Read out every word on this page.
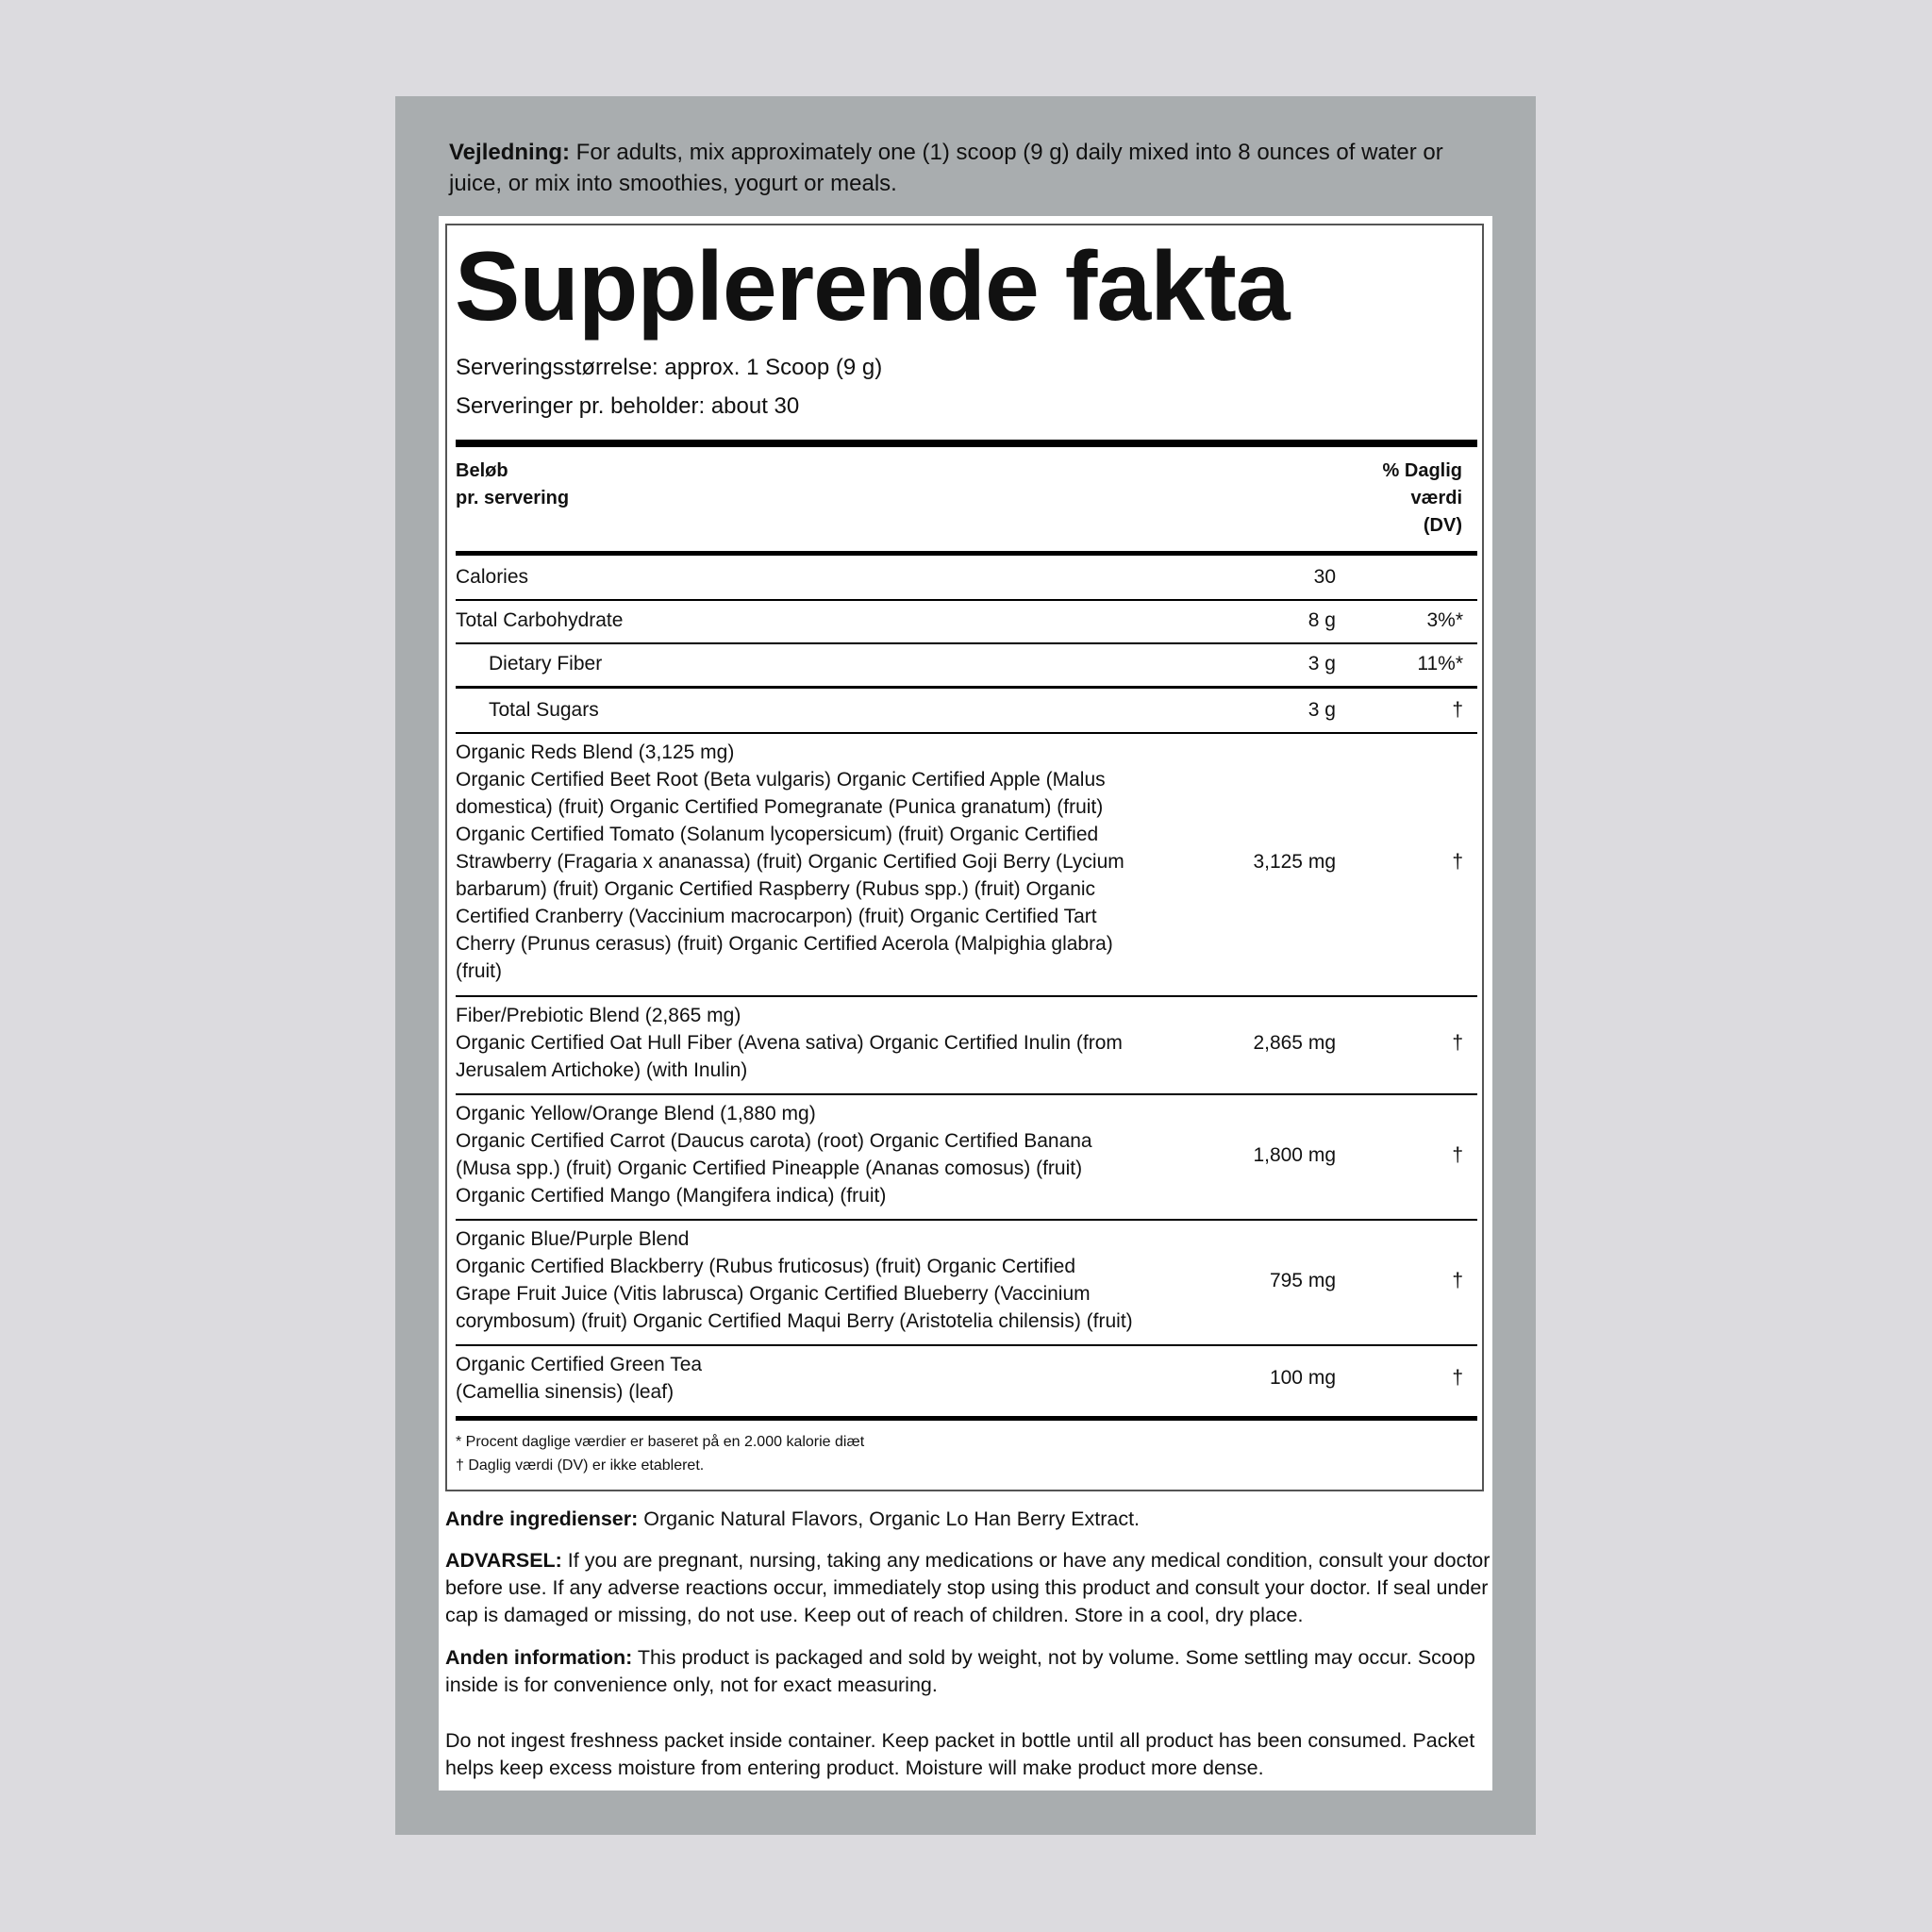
Vejledning: For adults, mix approximately one (1) scoop (9 g) daily mixed into 8 ounces of water or juice, or mix into smoothies, yogurt or meals.
Supplerende fakta
Serveringsstørrelse: approx. 1 Scoop (9 g)
Serveringer pr. beholder: about 30
Beløb
pr. servering
% Daglig
værdi
(DV)
Calories	30
Total Carbohydrate	8 g	3%*
Dietary Fiber	3 g	11%*
Total Sugars	3 g	†
Organic Reds Blend (3,125 mg)
Organic Certified Beet Root (Beta vulgaris) Organic Certified Apple (Malus domestica) (fruit) Organic Certified Pomegranate (Punica granatum) (fruit) Organic Certified Tomato (Solanum lycopersicum) (fruit) Organic Certified Strawberry (Fragaria x ananassa) (fruit) Organic Certified Goji Berry (Lycium barbarum) (fruit) Organic Certified Raspberry (Rubus spp.) (fruit) Organic Certified Cranberry (Vaccinium macrocarpon) (fruit) Organic Certified Tart Cherry (Prunus cerasus) (fruit) Organic Certified Acerola (Malpighia glabra) (fruit)
3,125 mg	†
Fiber/Prebiotic Blend (2,865 mg)
Organic Certified Oat Hull Fiber (Avena sativa) Organic Certified Inulin (from Jerusalem Artichoke) (with Inulin)
2,865 mg	†
Organic Yellow/Orange Blend (1,880 mg)
Organic Certified Carrot (Daucus carota) (root) Organic Certified Banana (Musa spp.) (fruit) Organic Certified Pineapple (Ananas comosus) (fruit) Organic Certified Mango (Mangifera indica) (fruit)
1,800 mg	†
Organic Blue/Purple Blend
Organic Certified Blackberry (Rubus fruticosus) (fruit) Organic Certified Grape Fruit Juice (Vitis labrusca) Organic Certified Blueberry (Vaccinium corymbosum) (fruit) Organic Certified Maqui Berry (Aristotelia chilensis) (fruit)
795 mg	†
Organic Certified Green Tea
(Camellia sinensis) (leaf)
100 mg	†
* Procent daglige værdier er baseret på en 2.000 kalorie diæt
† Daglig værdi (DV) er ikke etableret.
Andre ingredienser: Organic Natural Flavors, Organic Lo Han Berry Extract.
ADVARSEL: If you are pregnant, nursing, taking any medications or have any medical condition, consult your doctor before use. If any adverse reactions occur, immediately stop using this product and consult your doctor. If seal under cap is damaged or missing, do not use. Keep out of reach of children. Store in a cool, dry place.
Anden information: This product is packaged and sold by weight, not by volume. Some settling may occur. Scoop inside is for convenience only, not for exact measuring.
Do not ingest freshness packet inside container. Keep packet in bottle until all product has been consumed. Packet helps keep excess moisture from entering product. Moisture will make product more dense.
